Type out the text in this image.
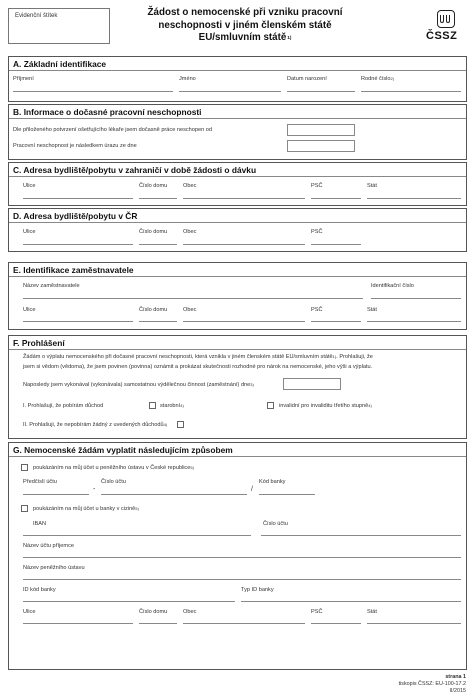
Evidenční štítek	Žádost o nemocenské při vzniku pracovní
neschopnosti v jiném členském státě
EU/smluvním státě$^{1)}$	ČSSZ
A. Základní identifikace
Příjmení	Jméno	Datum narození	Rodné číslo$^{2)}$
B. Informace o dočasné pracovní neschopnosti
Dle přiloženého potvrzení ošetřujícího lékaře jsem dočasně práce neschopen od
Pracovní neschopnost je následkem úrazu ze dne
C. Adresa bydliště/pobytu v zahraničí v době žádosti o dávku
Ulice	Číslo domu	Obec	PSČ	Stát
D. Adresa bydliště/pobytu v ČR
Ulice	Číslo domu	Obec	PSČ
E. Identifikace zaměstnavatele
Název zaměstnavatele	Identifikační číslo
Ulice	Číslo domu	Obec	PSČ	Stát
F. Prohlášení
Žádám o výplatu nemocenského při dočasné pracovní neschopnosti, která vznikla v jiném členském státě EU/smluvním státě$^{1)}$. Prohlašuji, že
jsem si vědom (vědoma), že jsem povinen (povinna) oznámit a prokázat skutečnosti rozhodné pro nárok na nemocenské, jeho výši a výplatu.
Naposledy jsem vykonával (vykonávala) samostatnou výdělečnou činnost (zaměstnání) dne$^{3)}$
I. Prohlašuji, že pobírám důchod	starobní$^{4)}$	invalidní pro invaliditu třetího stupně$^{4)}$
II. Prohlašuji, že nepobírám žádný z uvedených důchodů$^{4)}$
G. Nemocenské žádám vyplatit následujícím způsobem
poukázáním na můj účet u peněžního ústavu v České republice$^{5)}$
Předčíslí účtu	Číslo účtu	Kód banky
-	/
poukázáním na můj účet u banky v cizině$^{5)}$
IBAN	Číslo účtu
Název účtu příjemce
Název peněžního ústavu
ID kód banky	Typ ID banky
Ulice	Číslo domu	Obec	PSČ	Stát
strana 1
tiskopis ČSSZ: EU-100-17.2
II/2015
